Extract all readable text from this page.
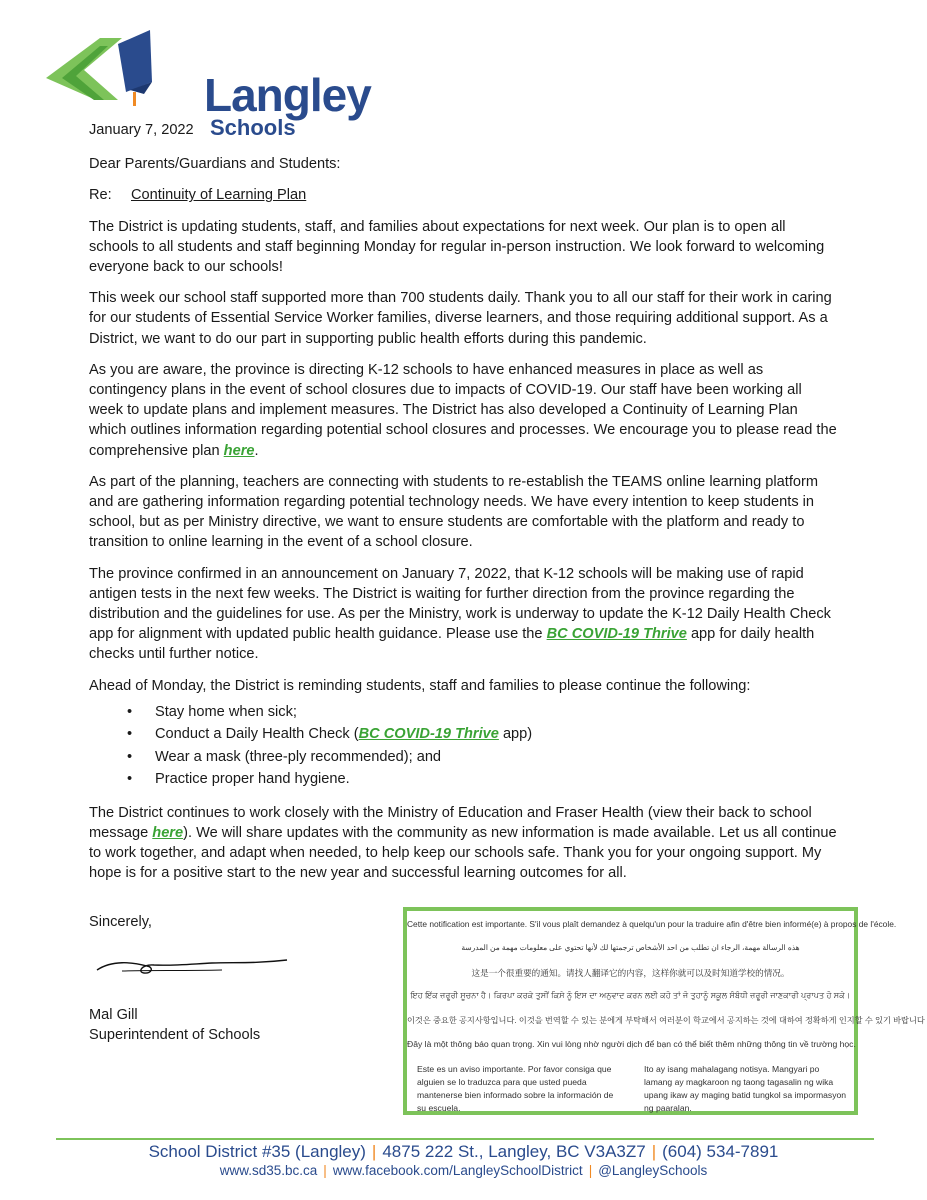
Langley
Schools

January 7, 2022

Dear Parents/Guardians and Students:

Re: Continuity of Learning Plan

The District is updating students, staff, and families about expectations for next week. Our plan is to open all schools to all students and staff beginning Monday for regular in-person instruction. We look forward to welcoming everyone back to our schools!

This week our school staff supported more than 700 students daily. Thank you to all our staff for their work in caring for our students of Essential Service Worker families, diverse learners, and those requiring additional support. As a District, we want to do our part in supporting public health efforts during this pandemic.

As you are aware, the province is directing K-12 schools to have enhanced measures in place as well as contingency plans in the event of school closures due to impacts of COVID-19. Our staff have been working all week to update plans and implement measures. The District has also developed a Continuity of Learning Plan which outlines information regarding potential school closures and processes. We encourage you to please read the comprehensive plan here.

As part of the planning, teachers are connecting with students to re-establish the TEAMS online learning platform and are gathering information regarding potential technology needs. We have every intention to keep students in school, but as per Ministry directive, we want to ensure students are comfortable with the platform and ready to transition to online learning in the event of a school closure.

The province confirmed in an announcement on January 7, 2022, that K-12 schools will be making use of rapid antigen tests in the next few weeks. The District is waiting for further direction from the province regarding the distribution and the guidelines for use. As per the Ministry, work is underway to update the K-12 Daily Health Check app for alignment with updated public health guidance. Please use the BC COVID-19 Thrive app for daily health checks until further notice.

Ahead of Monday, the District is reminding students, staff and families to please continue the following:

• Stay home when sick;
• Conduct a Daily Health Check (BC COVID-19 Thrive app)
• Wear a mask (three-ply recommended); and
• Practice proper hand hygiene.

The District continues to work closely with the Ministry of Education and Fraser Health (view their back to school message here). We will share updates with the community as new information is made available. Let us all continue to work together, and adapt when needed, to help keep our schools safe. Thank you for your ongoing support. My hope is for a positive start to the new year and successful learning outcomes for all.

Sincerely,
Mal Gill
Superintendent of Schools
Cette notification est importante. S'il vous plaît demandez à quelqu'un pour la traduire afin d'être bien informé(e) à propos de l'école.
هذه الرسالة مهمة، الرجاء ان تطلب من احد الأشخاص ترجمتها لك لأنها تحتوي على معلومات مهمة من المدرسة
这是一个很重要的通知。请找人翻译它的内容，这样你就可以及时知道学校的情况。
ਇਹ ਇੱਕ ਜ਼ਰੂਰੀ ਸੂਚਨਾ ਹੈ। ਕਿਰਪਾ ਕਰਕੇ ਤੁਸੀਂ ਕਿਸੇ ਨੂੰ ਇਸ ਦਾ ਅਨੁਵਾਦ ਕਰਨ ਲਈ ਕਹੋ ਤਾਂ ਜੋ ਤੁਹਾਨੂੰ ਸਕੂਲ ਸੰਬੰਧੀ ਜ਼ਰੂਰੀ ਜਾਣਕਾਰੀ ਪ੍ਰਾਪਤ ਹੋ ਸਕੇ।
이것은 중요한 공지사항입니다. 이것을 번역할 수 있는 분에게 부탁해서 여러분이 학교에서 공지하는 것에 대하여 정확하게 인지할 수 있기 바랍니다
Đây là một thông báo quan trọng. Xin vui lòng nhờ người dịch để bạn có thể biết thêm những thông tin về trường học.
Este es un aviso importante. Por favor consiga que alguien se lo traduzca para que usted pueda mantenerse bien informado sobre la información de su escuela.
Ito ay isang mahalagang notisya. Mangyari po lamang ay magkaroon ng taong tagasalin ng wika upang ikaw ay maging batid tungkol sa impormasyon ng paaralan.
School District #35 (Langley) | 4875 222 St., Langley, BC V3A3Z7 | (604) 534-7891
www.sd35.bc.ca | www.facebook.com/LangleySchoolDistrict | @LangleySchools
